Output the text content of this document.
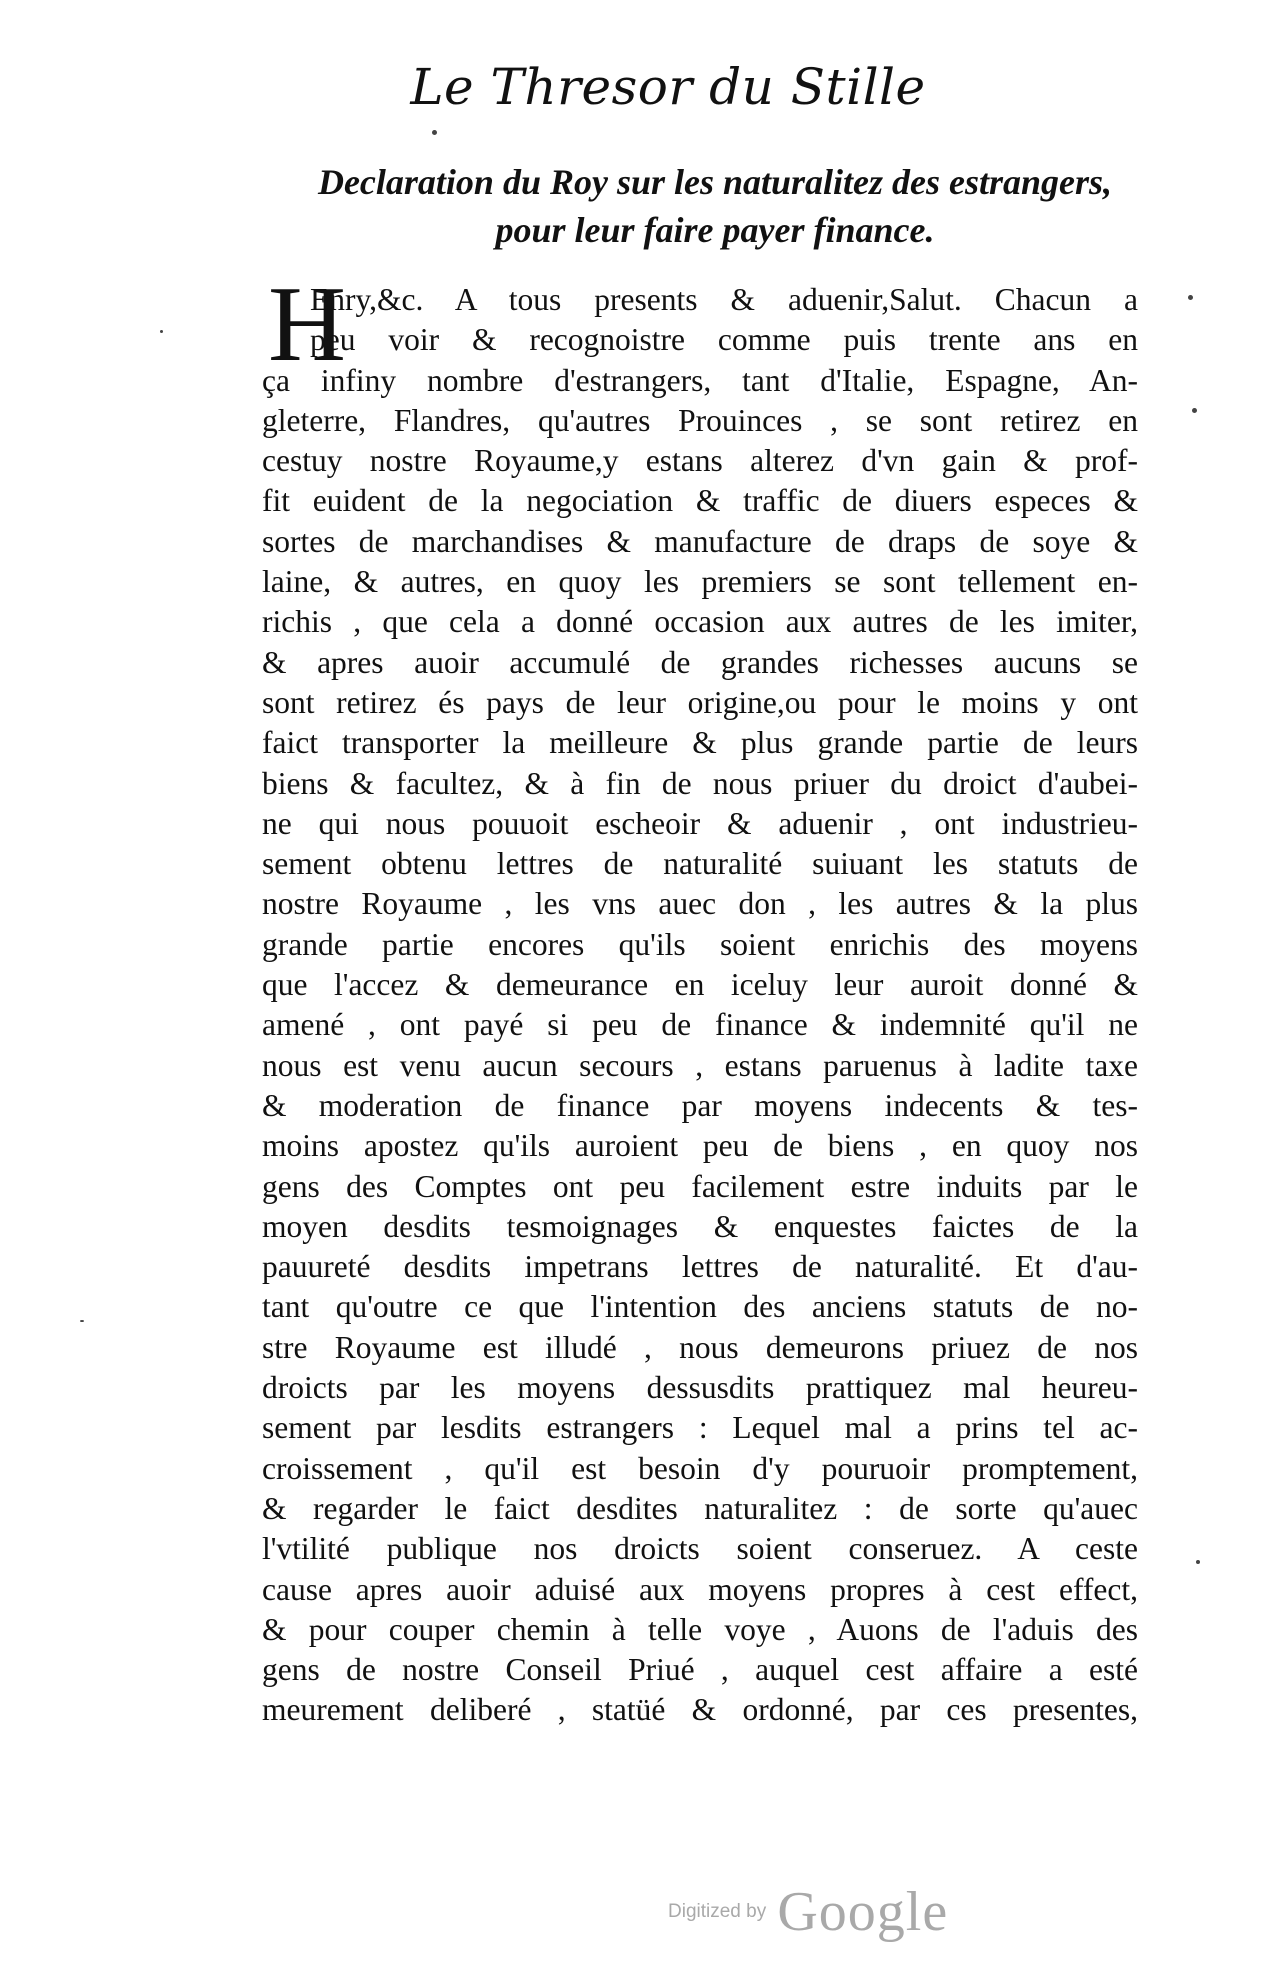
Le Thresor du Stille
Declaration du Roy sur les naturalitez des estrangers,
pour leur faire payer finance.
H
Enry,&c. A tous presents & aduenir,Salut. Chacun a
peu voir & recognoistre comme puis trente ans en
ça infiny nombre d'estrangers, tant d'Italie, Espagne, An-
gleterre, Flandres, qu'autres Prouinces , se sont retirez en
cestuy nostre Royaume,y estans alterez d'vn gain & prof-
fit euident de la negociation & traffic de diuers especes &
sortes de marchandises & manufacture de draps de soye &
laine, & autres, en quoy les premiers se sont tellement en-
richis , que cela a donné occasion aux autres de les imiter,
& apres auoir accumulé de grandes richesses aucuns se
sont retirez és pays de leur origine,ou pour le moins y ont
faict transporter la meilleure & plus grande partie de leurs
biens & facultez, & à fin de nous priuer du droict d'aubei-
ne qui nous pouuoit escheoir & aduenir , ont industrieu-
sement obtenu lettres de naturalité suiuant les statuts de
nostre Royaume , les vns auec don , les autres & la plus
grande partie encores qu'ils soient enrichis des moyens
que l'accez & demeurance en iceluy leur auroit donné &
amené , ont payé si peu de finance & indemnité qu'il ne
nous est venu aucun secours , estans paruenus à ladite taxe
& moderation de finance par moyens indecents & tes-
moins apostez qu'ils auroient peu de biens , en quoy nos
gens des Comptes ont peu facilement estre induits par le
moyen desdits tesmoignages & enquestes faictes de la
pauureté desdits impetrans lettres de naturalité. Et d'au-
tant qu'outre ce que l'intention des anciens statuts de no-
stre Royaume est illudé , nous demeurons priuez de nos
droicts par les moyens dessusdits prattiquez mal heureu-
sement par lesdits estrangers : Lequel mal a prins tel ac-
croissement , qu'il est besoin d'y pouruoir promptement,
& regarder le faict desdites naturalitez : de sorte qu'auec
l'vtilité publique nos droicts soient conseruez. A ceste
cause apres auoir aduisé aux moyens propres à cest effect,
& pour couper chemin à telle voye , Auons de l'aduis des
gens de nostre Conseil Priué , auquel cest affaire a esté
meurement deliberé , statüé & ordonné, par ces presentes,
Digitized by Google
